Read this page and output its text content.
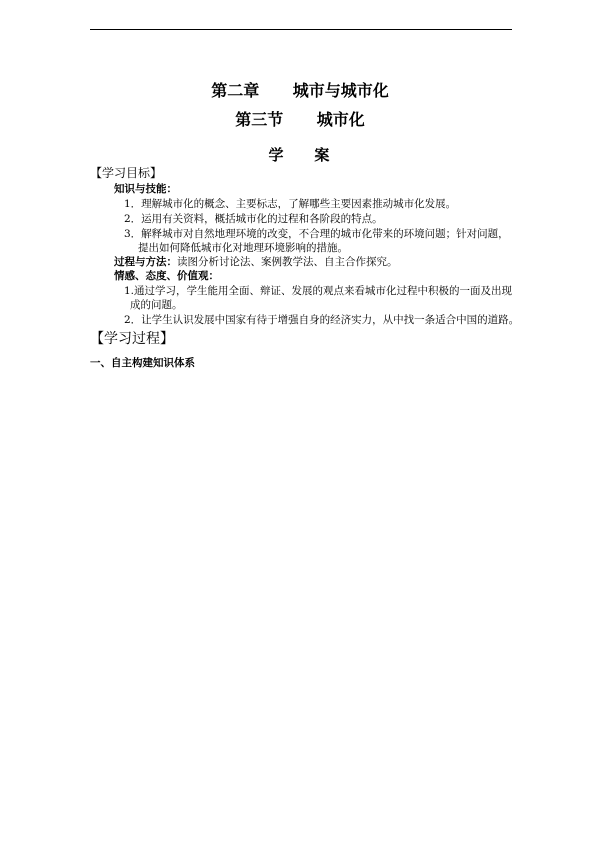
第二章      城市与城市化
第三节      城市化
学    案
【学习目标】
知识与技能：
1．理解城市化的概念、主要标志，了解哪些主要因素推动城市化发展。
2．运用有关资料，概括城市化的过程和各阶段的特点。
3．解释城市对自然地理环境的改变，不合理的城市化带来的环境问题；针对问题，
提出如何降低城市化对地理环境影响的措施。
过程与方法：读图分析讨论法、案例教学法、自主合作探究。
情感、态度、价值观：
1.通过学习，学生能用全面、辩证、发展的观点来看城市化过程中积极的一面及出现
成的问题。
2．让学生认识发展中国家有待于增强自身的经济实力，从中找一条适合中国的道路。
【学习过程】
一、自主构建知识体系
